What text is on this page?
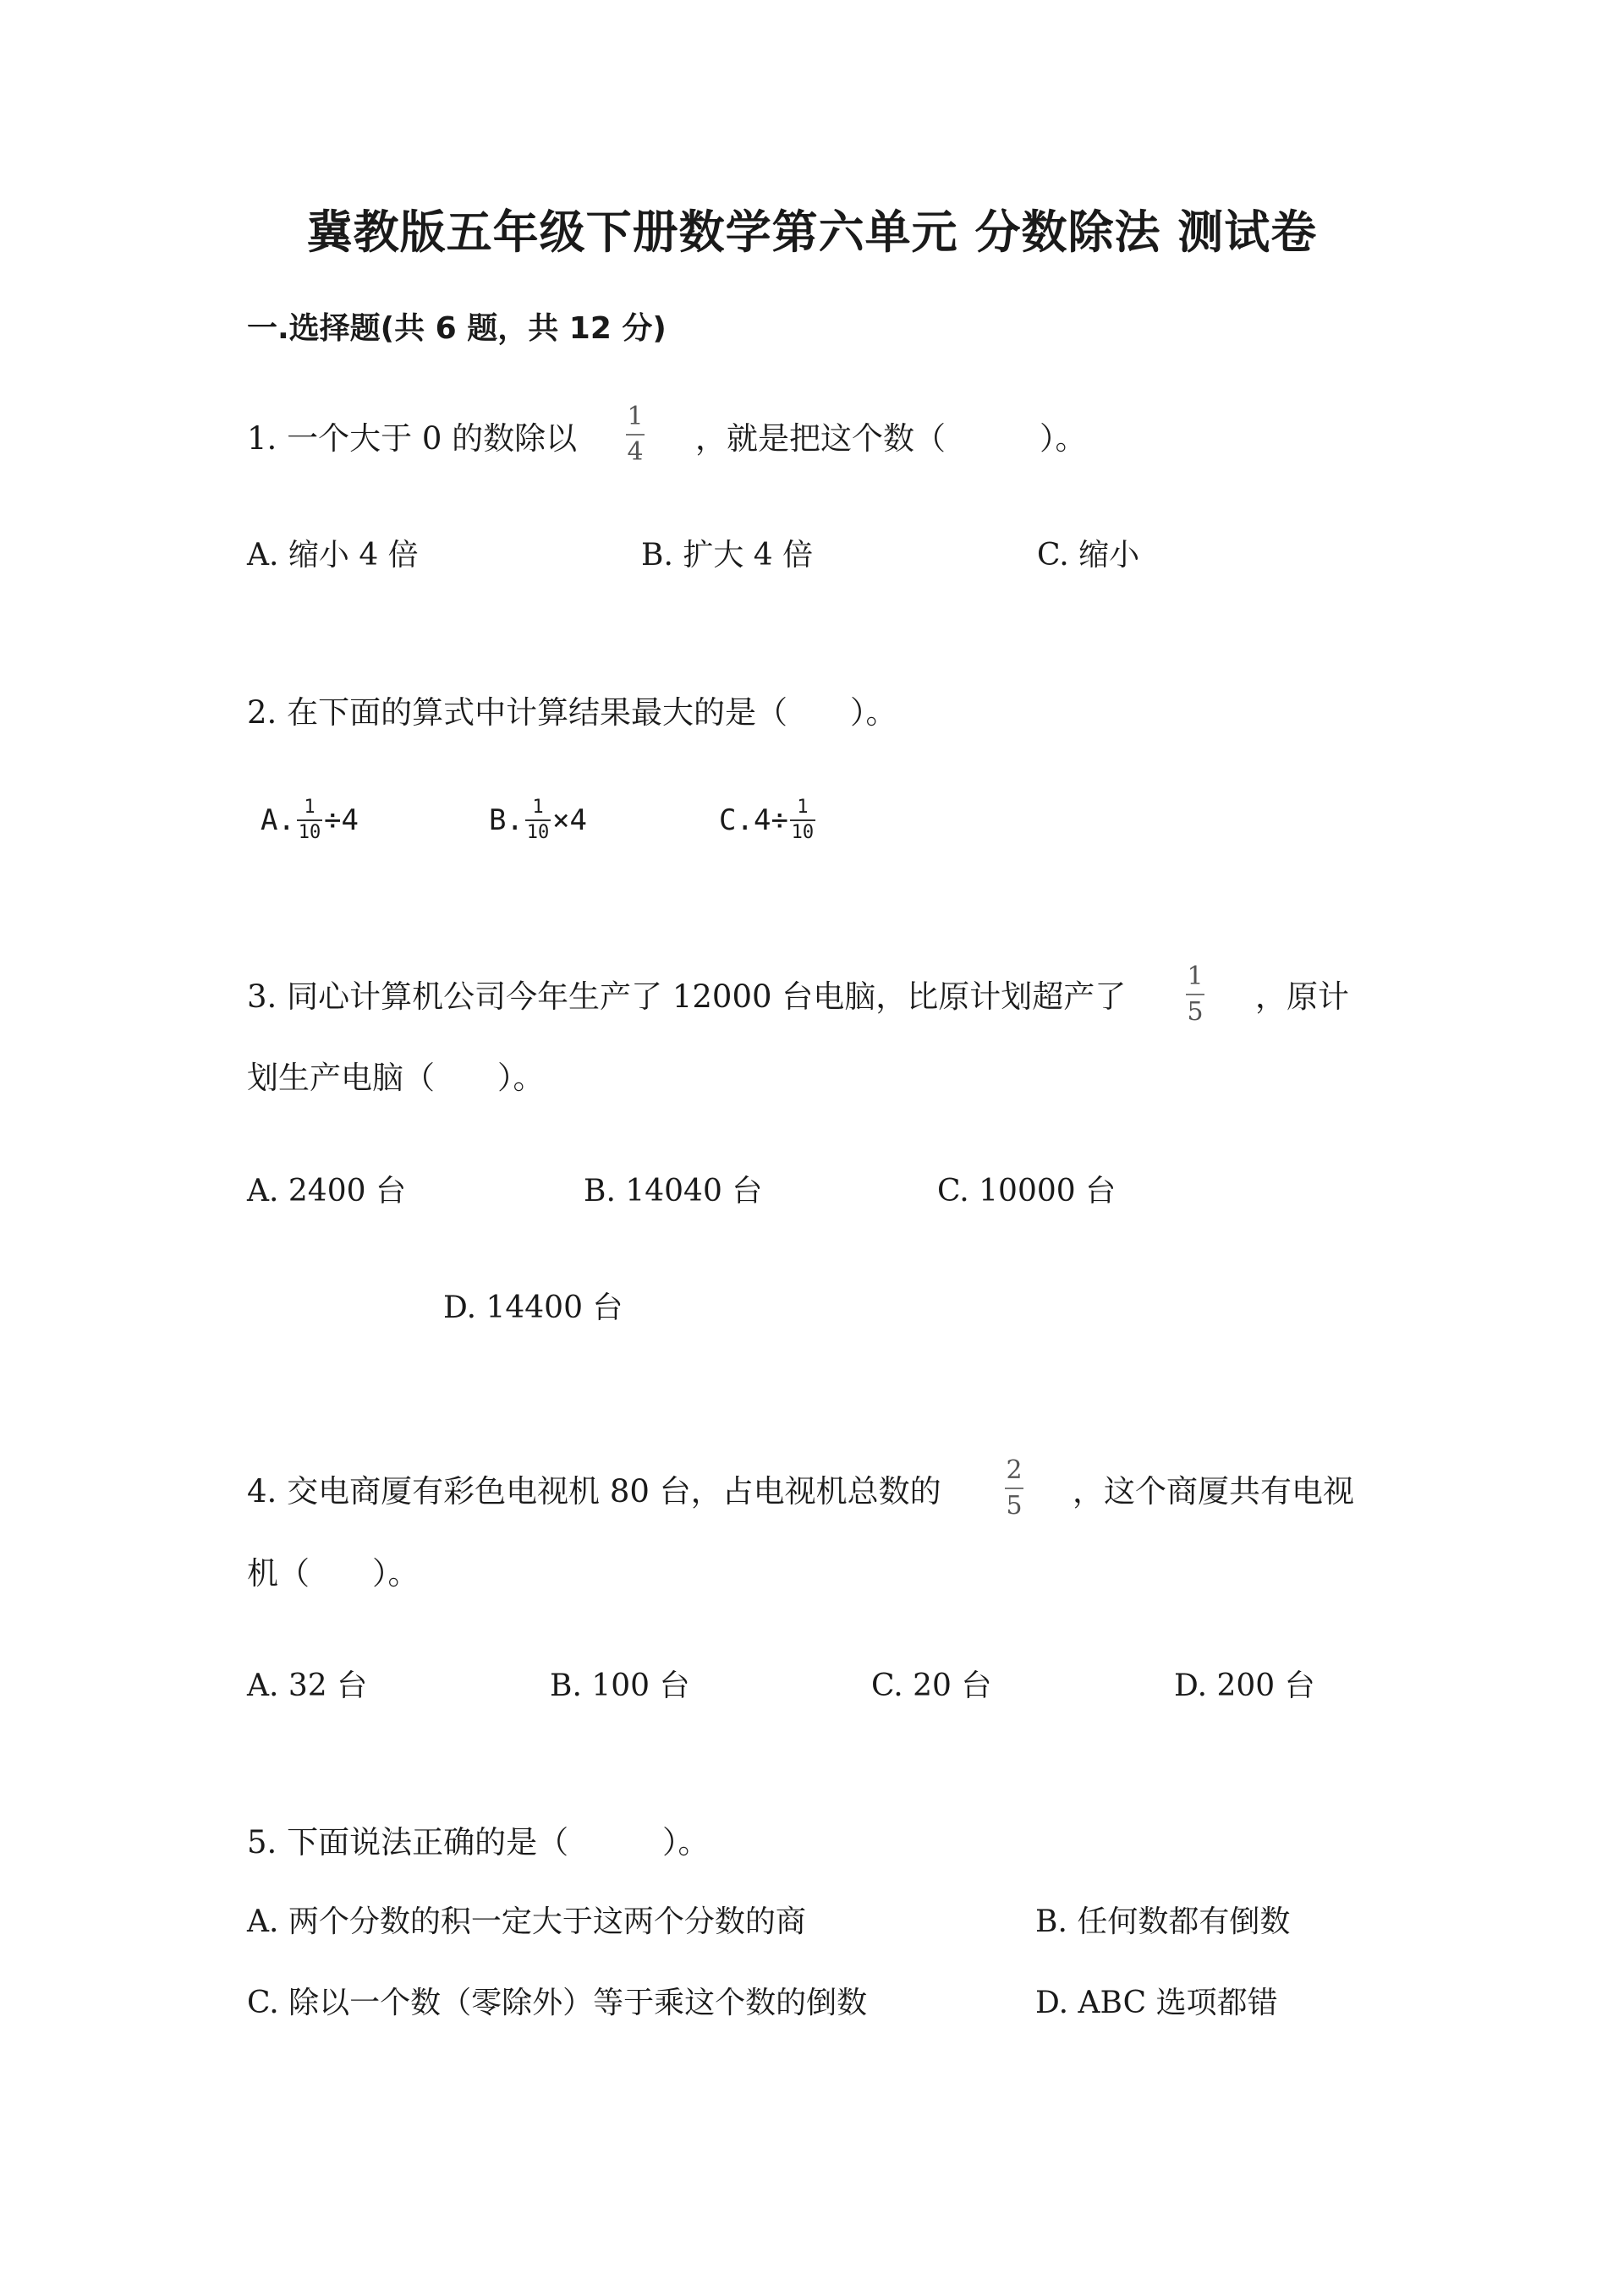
冀教版五年级下册数学第六单元 分数除法 测试卷
一.选择题(共 6 题，共 12 分)
1. 一个大于 0 的数除以
1
4 ，就是把这个数（　　　）。
A. 缩小 4 倍	B. 扩大 4 倍	C. 缩小
2. 在下面的算式中计算结果最大的是（　　）。
A. 1
10 ÷ 4	B. 1
10 × 4	C. 4 ÷ 1
10
3. 同心计算机公司今年生产了 12000 台电脑，比原计划超产了
1
5 ，原计
划生产电脑（　　）。
A. 2400 台	B. 14040 台	C. 10000 台
D. 14400 台
4. 交电商厦有彩色电视机 80 台，占电视机总数的
2
5 ，这个商厦共有电视
机（　　）。
A. 32 台	B. 100 台	C. 20 台	D. 200 台
5. 下面说法正确的是（　　　）。
A. 两个分数的积一定大于这两个分数的商	B. 任何数都有倒数
C. 除以一个数（零除外）等于乘这个数的倒数	D. ABC 选项都错
